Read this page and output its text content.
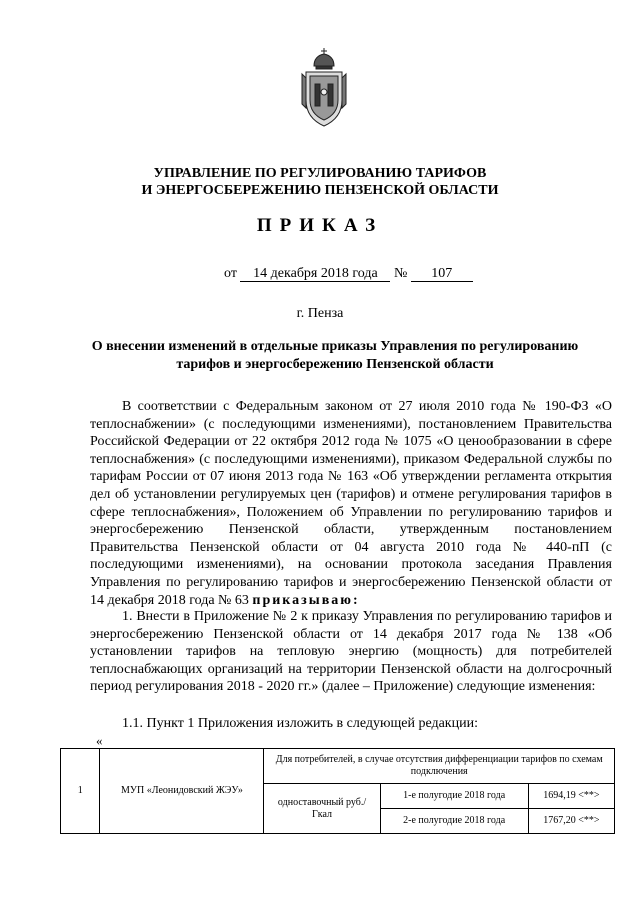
УПРАВЛЕНИЕ ПО РЕГУЛИРОВАНИЮ ТАРИФОВ
И ЭНЕРГОСБЕРЕЖЕНИЮ ПЕНЗЕНСКОЙ ОБЛАСТИ
ПРИКАЗ
от 14 декабря 2018 года № 107
г. Пенза
О внесении изменений в отдельные приказы Управления по регулированию
тарифов и энергосбережению Пензенской области
В соответствии с Федеральным законом от 27 июля 2010 года № 190-ФЗ «О теплоснабжении» (с последующими изменениями), постановлением Правительства Российской Федерации от 22 октября 2012 года № 1075 «О ценообразовании в сфере теплоснабжения» (с последующими изменениями), приказом Федеральной службы по тарифам России от 07 июня 2013 года № 163 «Об утверждении регламента открытия дел об установлении регулируемых цен (тарифов) и отмене регулирования тарифов в сфере теплоснабжения», Положением об Управлении по регулированию тарифов и энергосбережению Пензенской области, утвержденным постановлением Правительства Пензенской области от 04 августа 2010 года № 440-пП (с последующими изменениями), на основании протокола заседания Правления Управления по регулированию тарифов и энергосбережению Пензенской области от 14 декабря 2018 года № 63 приказываю:
1. Внести в Приложение № 2 к приказу Управления по регулированию тарифов и энергосбережению Пензенской области от 14 декабря 2017 года № 138 «Об установлении тарифов на тепловую энергию (мощность) для потребителей теплоснабжающих организаций на территории Пензенской области на долгосрочный период регулирования 2018 - 2020 гг.» (далее – Приложение) следующие изменения:
1.1. Пункт 1 Приложения изложить в следующей редакции:
«
1	МУП «Леонидовский ЖЭУ»	Для потребителей, в случае отсутствия дифференциации тарифов по схемам подключения		
		одноставочный руб./Гкал	1-е полугодие 2018 года	1694,19 <**>
			2-е полугодие 2018 года	1767,20 <**>
